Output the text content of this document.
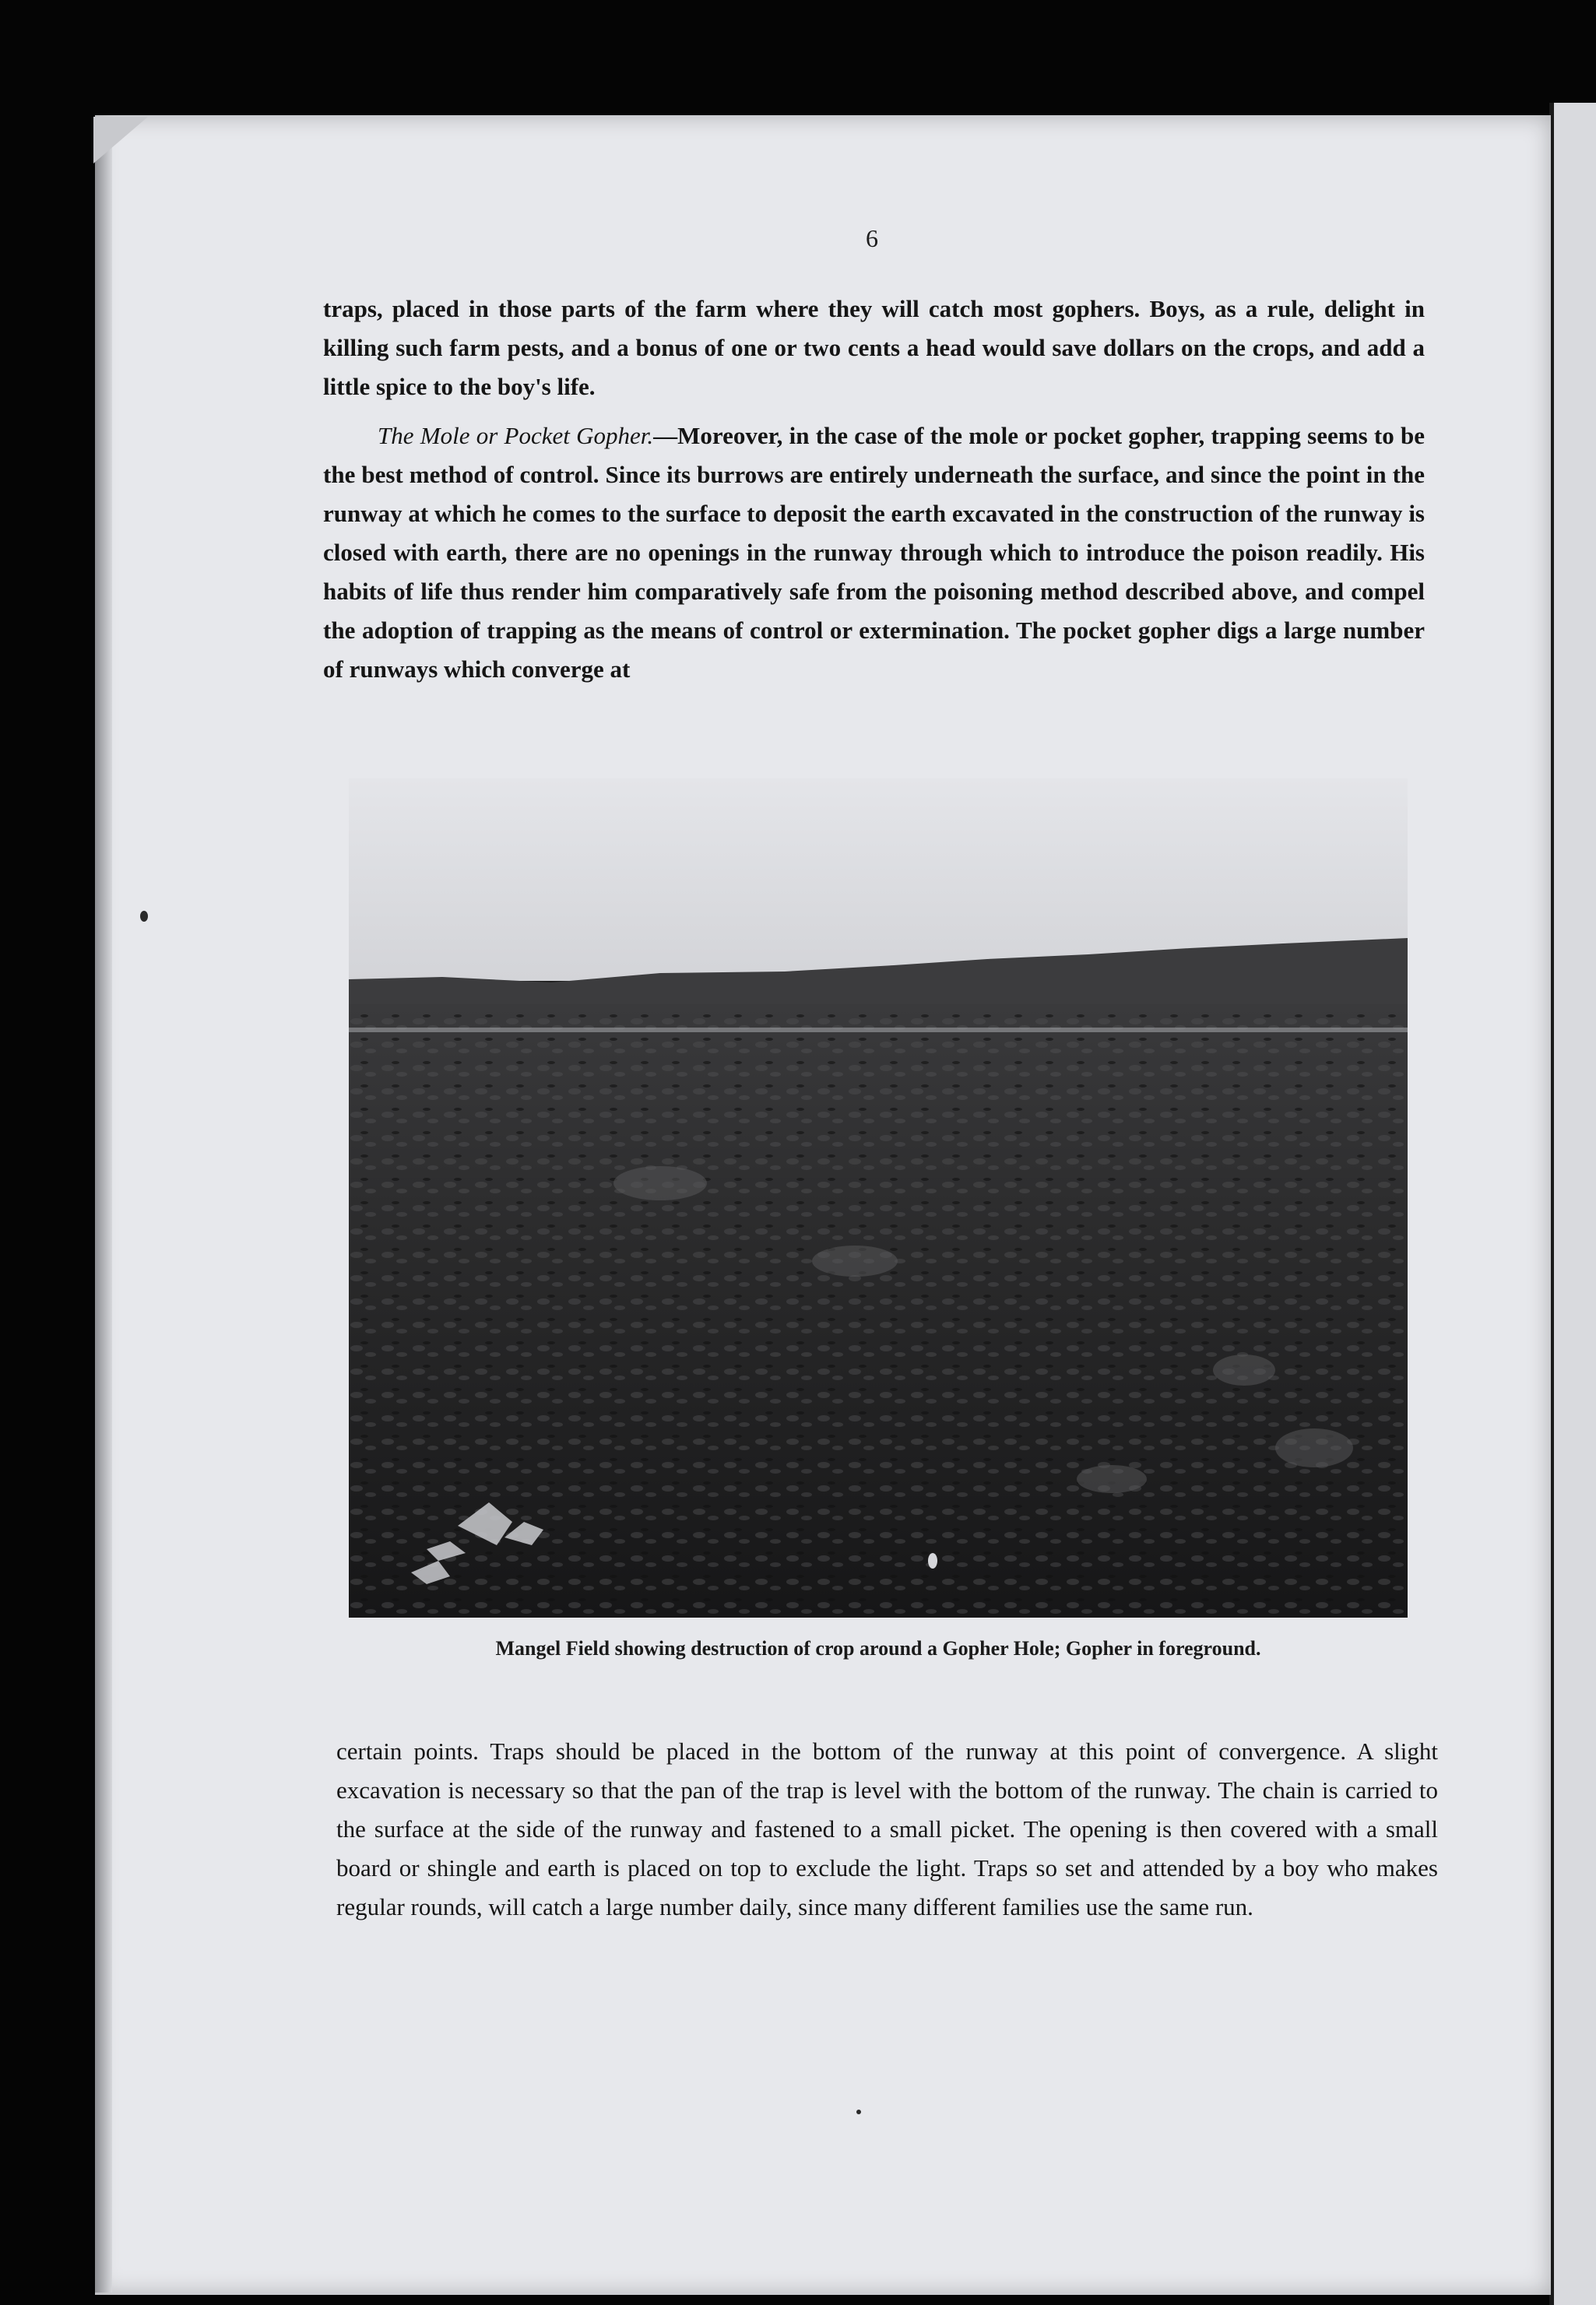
6

traps, placed in those parts of the farm where they will catch most gophers. Boys, as a rule, delight in killing such farm pests, and a bonus of one or two cents a head would save dollars on the crops, and add a little spice to the boy's life.

The Mole or Pocket Gopher.—Moreover, in the case of the mole or pocket gopher, trapping seems to be the best method of control. Since its burrows are entirely underneath the surface, and since the point in the runway at which he comes to the surface to deposit the earth excavated in the construction of the runway is closed with earth, there are no openings in the runway through which to introduce the poison readily. His habits of life thus render him comparatively safe from the poisoning method described above, and compel the adoption of trapping as the means of control or extermination. The pocket gopher digs a large number of runways which converge at

Mangel Field showing destruction of crop around a Gopher Hole; Gopher in foreground.

certain points. Traps should be placed in the bottom of the runway at this point of convergence. A slight excavation is necessary so that the pan of the trap is level with the bottom of the runway. The chain is carried to the surface at the side of the runway and fastened to a small picket. The opening is then covered with a small board or shingle and earth is placed on top to exclude the light. Traps so set and attended by a boy who makes regular rounds, will catch a large number daily, since many different families use the same run.
